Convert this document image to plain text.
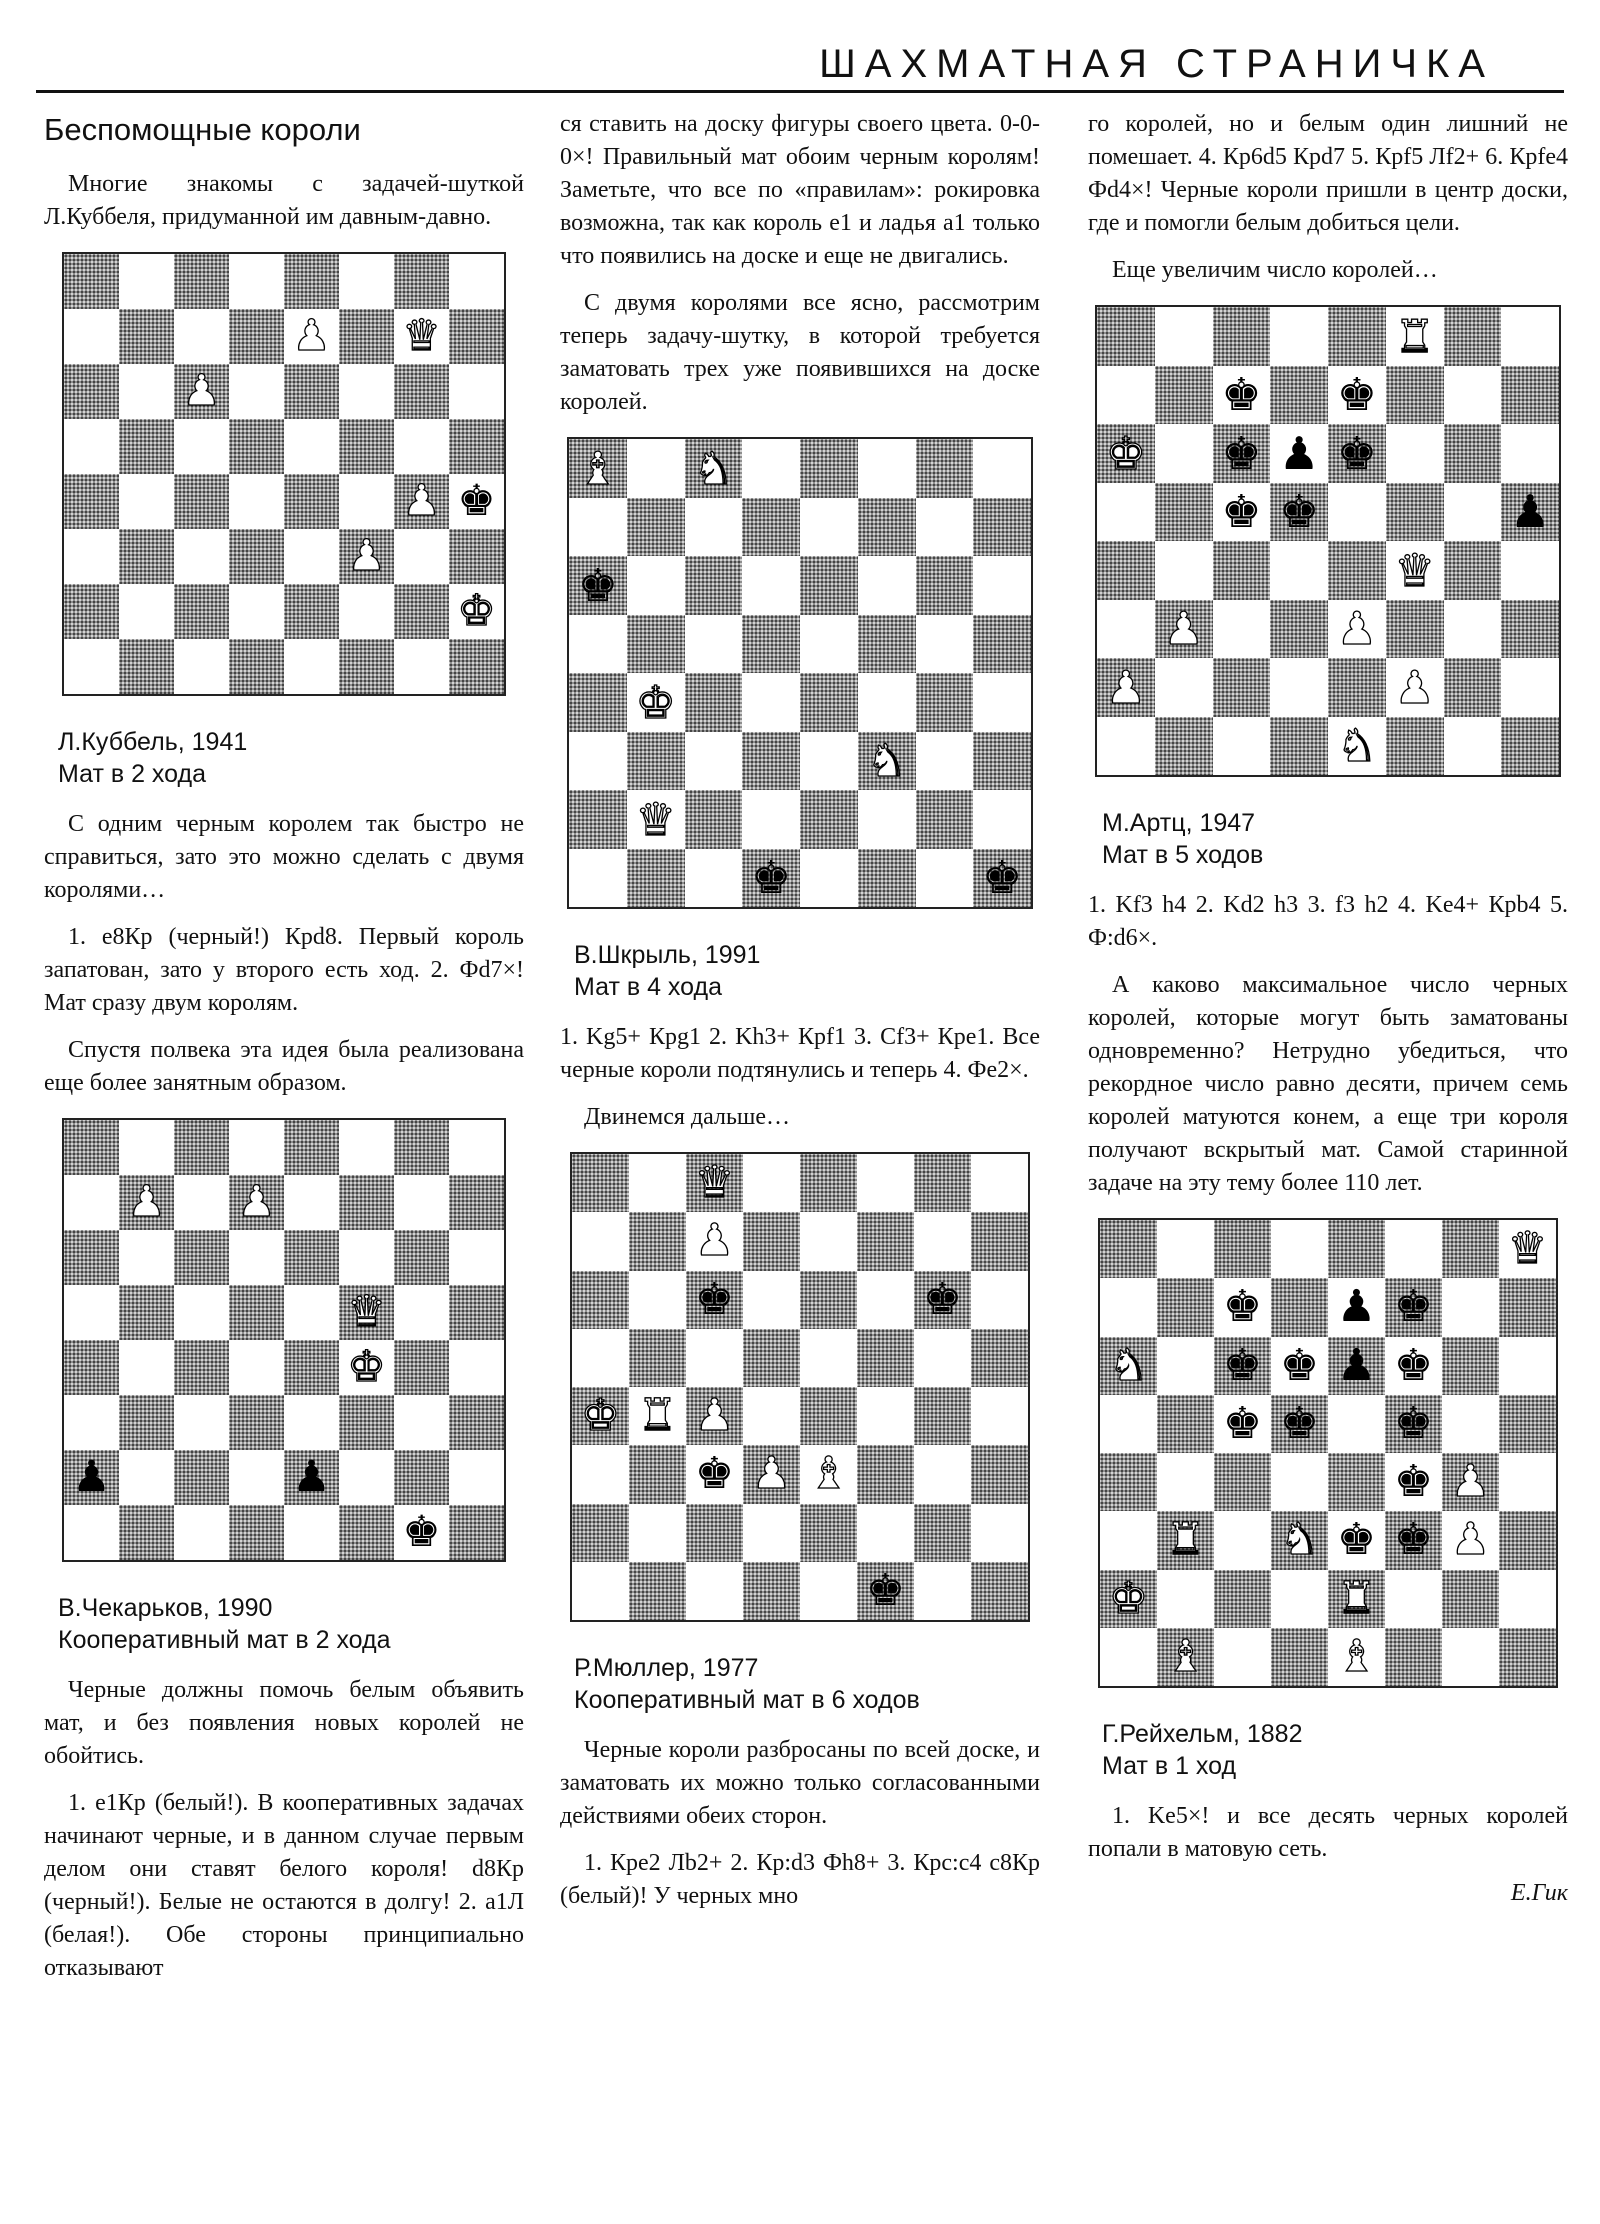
ШАХМАТНАЯ СТРАНИЧКА
Беспомощные короли

Многие знакомы с задачей-шуткой Л.Куббеля, придуманной им давным-давно.

♟ ♛
♟
♟ ♚
♟
♚
Л.Куббель, 1941
Мат в 2 хода

С одним черным королем так быстро не справиться, зато это можно сделать с двумя королями…

1. e8Кр (черный!) Крd8. Первый король запатован, зато у второго есть ход. 2. Фd7×! Мат сразу двум королям.

Спустя полвека эта идея была реализована еще более занятным образом.

♟ ♟
♛
♚
♟	♟
♚
В.Чекарьков, 1990
Кооперативный мат в 2 хода

Черные должны помочь белым объявить мат, и без появления новых королей не обойтись.

1. e1Кр (белый!). В кооперативных задачах начинают черные, и в данном случае первым делом они ставят белого короля! d8Кр (черный!). Белые не остаются в долгу! 2. a1Л (белая!). Обе стороны принципиально отказывают

ся ставить на доску фигуры своего цвета. 0-0-0×! Правильный мат обоим черным королям! Заметьте, что все по «правилам»: рокировка возможна, так как король e1 и ладья a1 только что появились на доске и еще не двигались.

С двумя королями все ясно, рассмотрим теперь задачу-шутку, в которой требуется заматовать трех уже появившихся на доске королей.

♝ ♞
♚
♚
♞
♛
♚	♚
В.Шкрыль, 1991
Мат в 4 хода

1. Kg5+ Крg1 2. Kh3+ Крf1 3. Cf3+ Крe1. Все черные короли подтянулись и теперь 4. Фe2×.

Двинемся дальше…

♛
♟
♚	♚
♚ ♜ ♟
♚ ♟ ♝
♚
Р.Мюллер, 1977
Кооперативный мат в 6 ходов

Черные короли разбросаны по всей доске, и заматовать их можно только согласованными действиями обеих сторон.

1. Крe2 Лb2+ 2. Кр:d3 Фh8+ 3. Крс:с4 с8Кр (белый)! У черных мно

го королей, но и белым один лишний не помешает. 4. Кр6d5 Крd7 5. Крf5 Лf2+ 6. Крfe4 Фd4×! Черные короли пришли в центр доски, где и помогли белым добиться цели.

Еще увеличим число королей…

♜
♚ ♚
♚ ♚ ♟ ♚
♚ ♚	♟
♛
♟	♟
♟	♟
♞
М.Артц, 1947
Мат в 5 ходов

1. Kf3 h4 2. Kd2 h3 3. f3 h2 4. Ke4+ Крb4 5. Ф:d6×.

А каково максимальное число черных королей, которые могут быть заматованы одновременно? Нетрудно убедиться, что рекордное число равно десяти, причем семь королей матуются конем, а еще три короля получают вскрытый мат. Самой старинной задаче на эту тему более 110 лет.

♛
♚ ♟ ♚
♞ ♚ ♚ ♟ ♚
♚ ♚ ♚
♚ ♟
♜ ♞ ♚ ♚ ♟
♚	♜
♝	♝
Г.Рейхельм, 1882
Мат в 1 ход

1. Ke5×! и все десять черных королей попали в матовую сеть.

Е.Гик
